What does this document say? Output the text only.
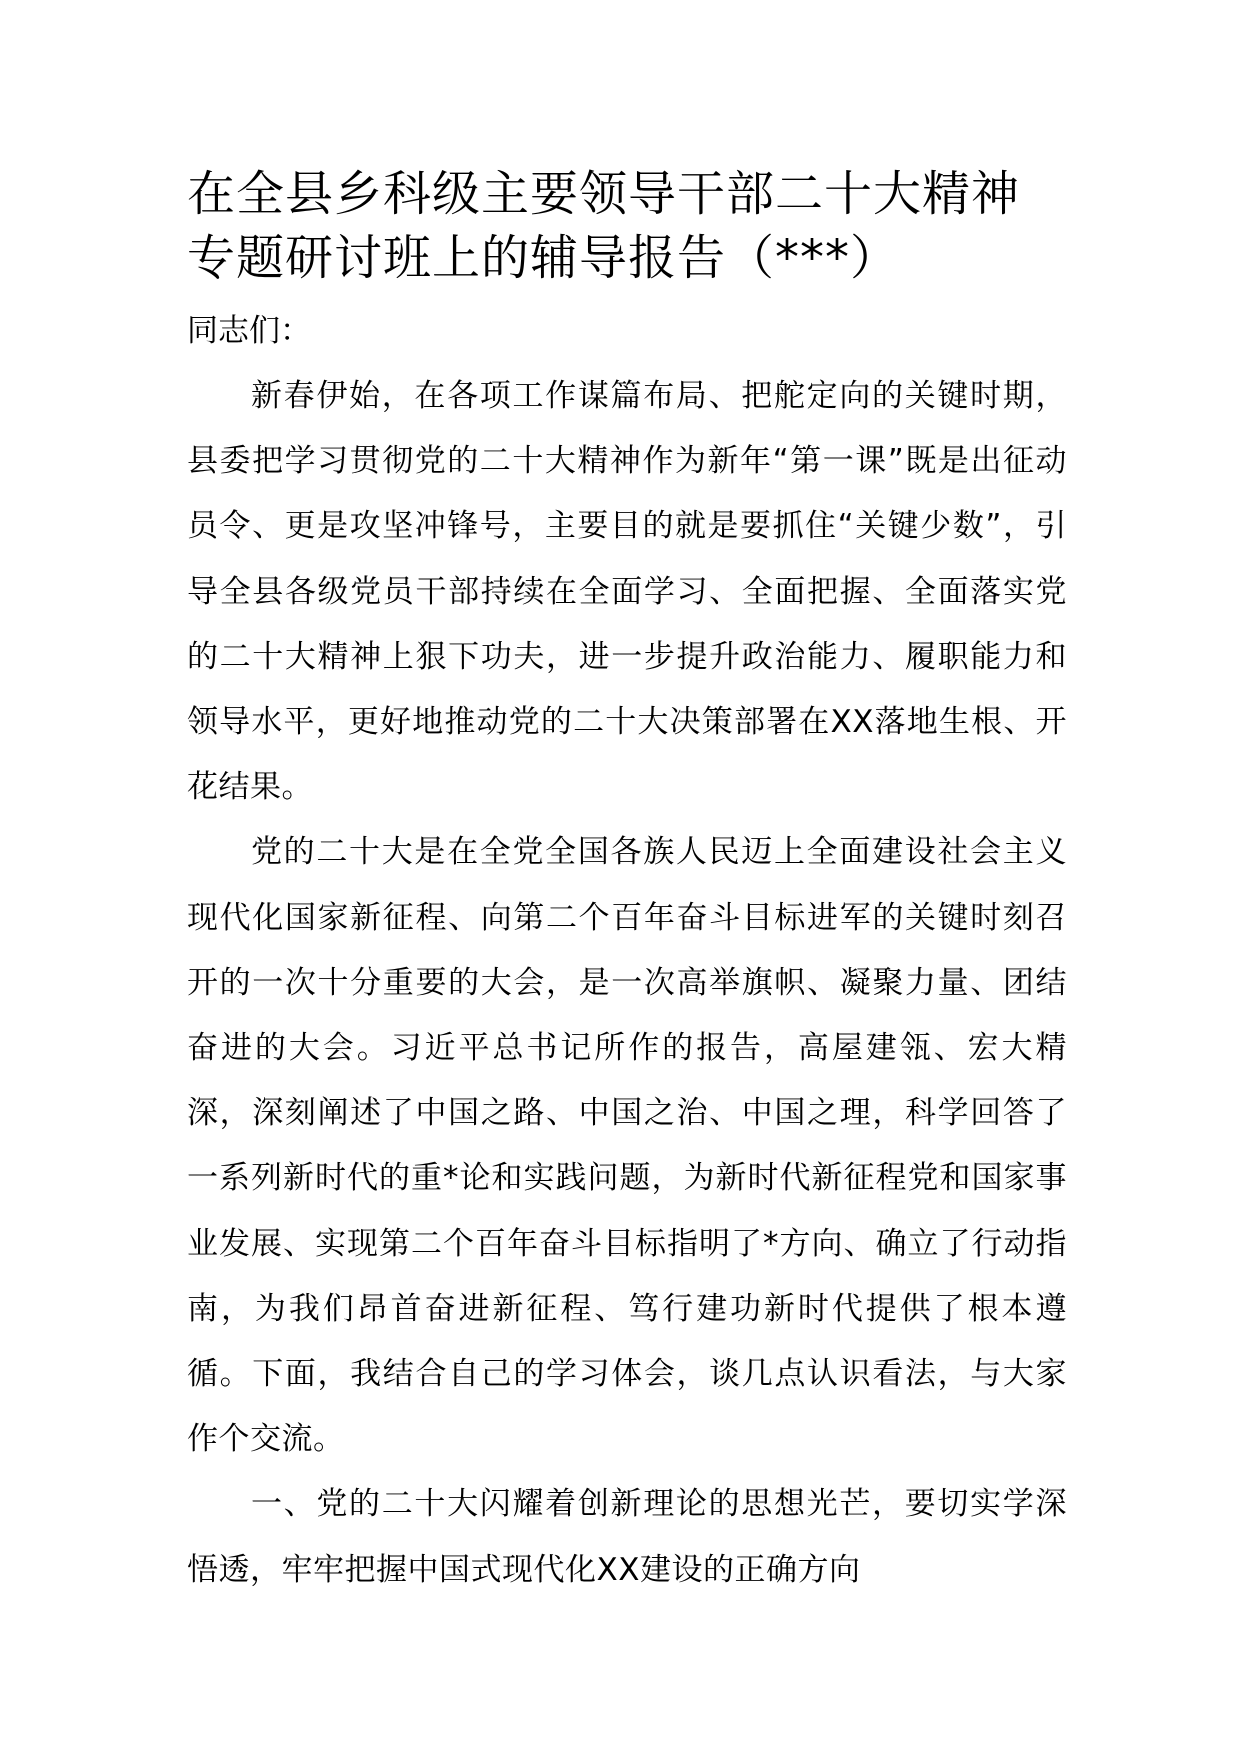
在全县乡科级主要领导干部二十大精神专题研讨班上的辅导报告（***）

同志们：

新春伊始，在各项工作谋篇布局、把舵定向的关键时期，县委把学习贯彻党的二十大精神作为新年“第一课”既是出征动员令、更是攻坚冲锋号，主要目的就是要抓住“关键少数”，引导全县各级党员干部持续在全面学习、全面把握、全面落实党的二十大精神上狠下功夫，进一步提升政治能力、履职能力和领导水平，更好地推动党的二十大决策部署在XX落地生根、开花结果。

党的二十大是在全党全国各族人民迈上全面建设社会主义现代化国家新征程、向第二个百年奋斗目标进军的关键时刻召开的一次十分重要的大会，是一次高举旗帜、凝聚力量、团结奋进的大会。习近平总书记所作的报告，高屋建瓴、宏大精深，深刻阐述了中国之路、中国之治、中国之理，科学回答了一系列新时代的重*论和实践问题，为新时代新征程党和国家事业发展、实现第二个百年奋斗目标指明了*方向、确立了行动指南，为我们昂首奋进新征程、笃行建功新时代提供了根本遵循。下面，我结合自己的学习体会，谈几点认识看法，与大家作个交流。

一、党的二十大闪耀着创新理论的思想光芒，要切实学深悟透，牢牢把握中国式现代化XX建设的正确方向
